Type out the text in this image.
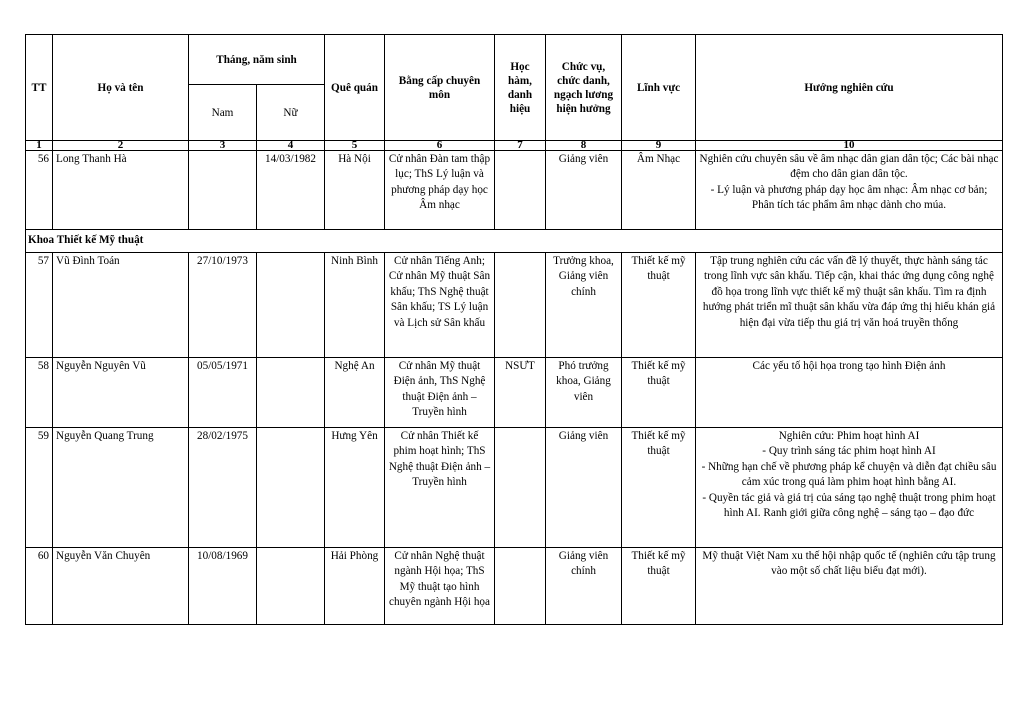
TT	Họ và tên	Tháng, năm sinh		Quê quán	Bằng cấp chuyên môn	Học hàm, danh hiệu	Chức vụ, chức danh, ngạch lương hiện hưởng	Lĩnh vực	Hướng nghiên cứu
		Nam	Nữ						
1	2	3	4	5	6	7	8	9	10
56	Long Thanh Hà		14/03/1982	Hà Nội	Cử nhân Đàn tam thập lục; ThS Lý luận và phương pháp dạy học Âm nhạc		Giảng viên	Âm Nhạc	Nghiên cứu chuyên sâu về âm nhạc dân gian dân tộc; Các bài nhạc đệm cho dân gian dân tộc.
- Lý luận và phương pháp dạy học âm nhạc: Âm nhạc cơ bản; Phân tích tác phẩm âm nhạc dành cho múa.
Khoa Thiết kế Mỹ thuật									
57	Vũ Đình Toán	27/10/1973		Ninh Bình	Cử nhân Tiếng Anh; Cử nhân Mỹ thuật Sân khấu; ThS Nghệ thuật Sân khấu; TS Lý luận và Lịch sử Sân khấu		Trưởng khoa, Giảng viên chính	Thiết kế mỹ thuật	Tập trung nghiên cứu các vấn đề lý thuyết, thực hành sáng tác trong lĩnh vực sân khấu. Tiếp cận, khai thác ứng dụng công nghệ đồ họa trong lĩnh vực thiết kế mỹ thuật sân khấu. Tìm ra định hướng phát triển mĩ thuật sân khấu vừa đáp ứng thị hiếu khán giả hiện đại vừa tiếp thu giá trị văn hoá truyền thống
58	Nguyễn Nguyên Vũ	05/05/1971		Nghệ An	Cử nhân Mỹ thuật Điện ảnh, ThS Nghệ thuật Điện ảnh – Truyền hình	NSƯT	Phó trưởng khoa, Giảng viên	Thiết kế mỹ thuật	Các yếu tố hội họa trong tạo hình Điện ảnh
59	Nguyễn Quang Trung	28/02/1975		Hưng Yên	Cử nhân Thiết kế phim hoạt hình; ThS Nghệ thuật Điện ảnh – Truyền hình		Giảng viên	Thiết kế mỹ thuật	Nghiên cứu: Phim hoạt hình AI
- Quy trình sáng tác phim hoạt hình AI
- Những hạn chế về phương pháp kể chuyện và diễn đạt chiều sâu cảm xúc trong quá làm phim hoạt hình bằng AI.
- Quyền tác giả và giá trị của sáng tạo nghệ thuật trong phim hoạt hình AI. Ranh giới giữa công nghệ – sáng tạo – đạo đức
60	Nguyễn Văn Chuyên	10/08/1969		Hải Phòng	Cử nhân Nghệ thuật ngành Hội họa; ThS Mỹ thuật tạo hình chuyên ngành Hội họa		Giảng viên chính	Thiết kế mỹ thuật	Mỹ thuật Việt Nam xu thế hội nhập quốc tế (nghiên cứu tập trung vào một số chất liệu biểu đạt mới).
